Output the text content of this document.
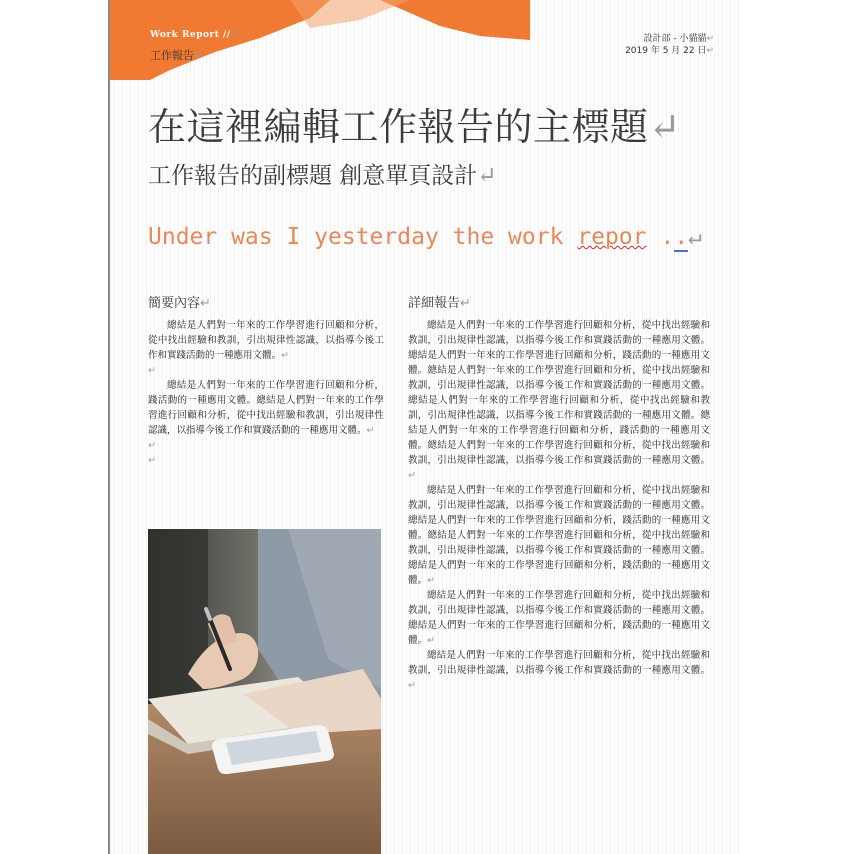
Work Report //↵
工作報告↵
設計部 - 小貓貓↵
2019 年 5 月 22 日↵
在這裡編輯工作報告的主標題↵
工作報告的副標題 創意單頁設計↵
Under was I yesterday the work repor ..↵
簡要內容↵	詳細報告↵

總結是人們對一年來的工作學習進行回顧和分析，從中找出經驗和教訓，引出規律性認識，以指導今後工作和實踐活動的一種應用文體。↵

↵

總結是人們對一年來的工作學習進行回顧和分析，踐活動的一種應用文體。總結是人們對一年來的工作學習進行回顧和分析，從中找出經驗和教訓，引出規律性認識，以指導今後工作和實踐活動的一種應用文體。↵

↵

↵

總結是人們對一年來的工作學習進行回顧和分析，從中找出經驗和教訓，引出規律性認識，以指導今後工作和實踐活動的一種應用文體。總結是人們對一年來的工作學習進行回顧和分析，踐活動的一種應用文體。總結是人們對一年來的工作學習進行回顧和分析，從中找出經驗和教訓，引出規律性認識，以指導今後工作和實踐活動的一種應用文體。總結是人們對一年來的工作學習進行回顧和分析，從中找出經驗和教訓，引出規律性認識，以指導今後工作和實踐活動的一種應用文體。總結是人們對一年來的工作學習進行回顧和分析，踐活動的一種應用文體。總結是人們對一年來的工作學習進行回顧和分析，從中找出經驗和教訓，引出規律性認識，以指導今後工作和實踐活動的一種應用文體。↵

總結是人們對一年來的工作學習進行回顧和分析，從中找出經驗和教訓，引出規律性認識，以指導今後工作和實踐活動的一種應用文體。總結是人們對一年來的工作學習進行回顧和分析，踐活動的一種應用文體。總結是人們對一年來的工作學習進行回顧和分析，從中找出經驗和教訓，引出規律性認識，以指導今後工作和實踐活動的一種應用文體。總結是人們對一年來的工作學習進行回顧和分析，踐活動的一種應用文體。↵

總結是人們對一年來的工作學習進行回顧和分析，從中找出經驗和教訓，引出規律性認識，以指導今後工作和實踐活動的一種應用文體。總結是人們對一年來的工作學習進行回顧和分析，踐活動的一種應用文體。↵

總結是人們對一年來的工作學習進行回顧和分析，從中找出經驗和教訓，引出規律性認識，以指導今後工作和實踐活動的一種應用文體。↵
